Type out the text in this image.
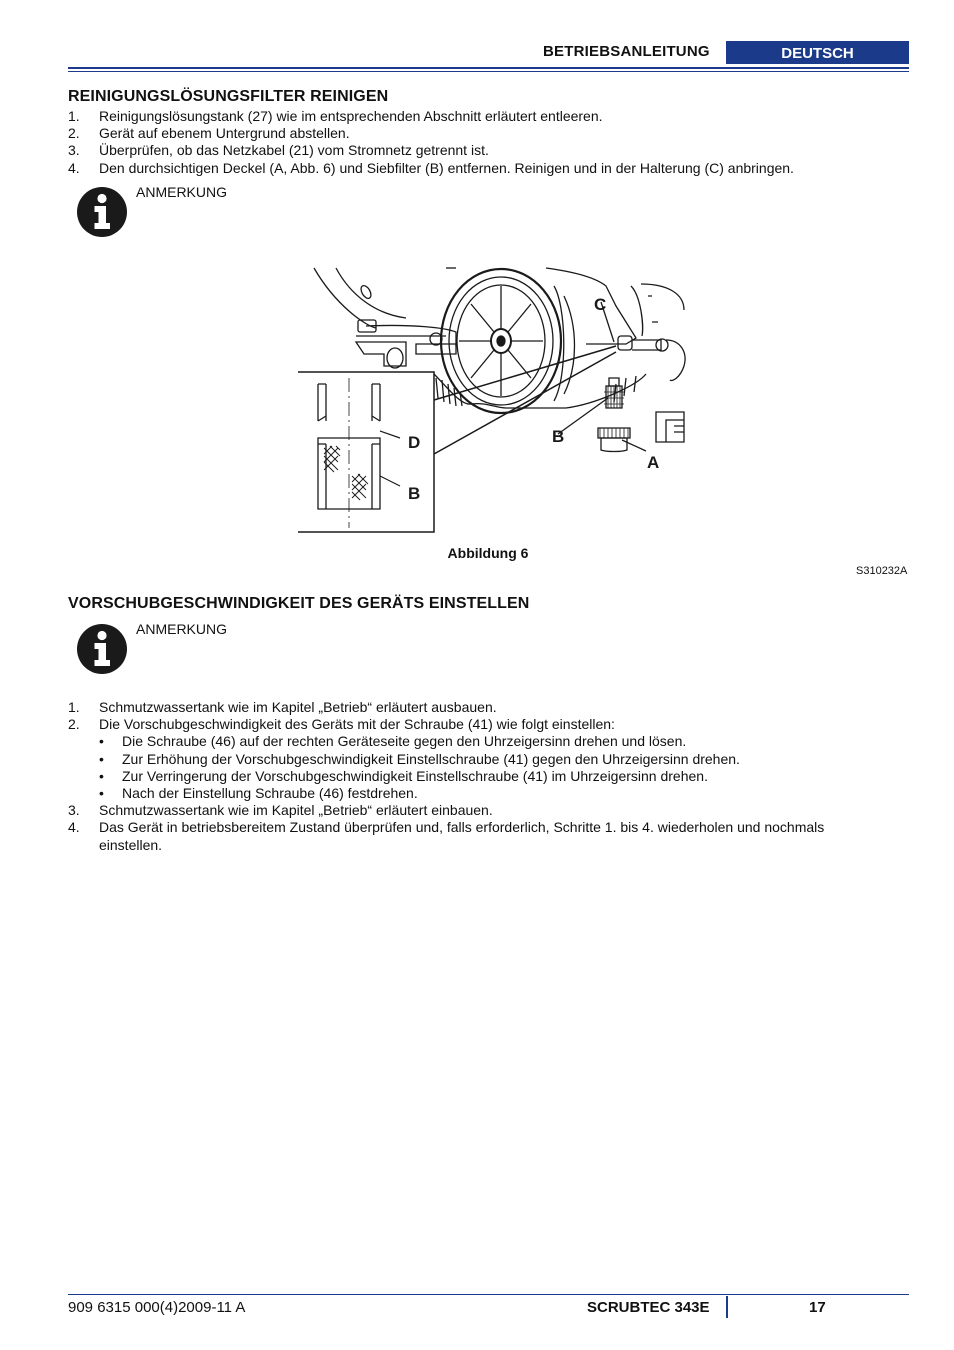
BETRIEBSANLEITUNG	DEUTSCH
REINIGUNGSLÖSUNGSFILTER REINIGEN
1. Reinigungslösungstank (27) wie im entsprechenden Abschnitt erläutert entleeren.
2. Gerät auf ebenem Untergrund abstellen.
3. Überprüfen, ob das Netzkabel (21) vom Stromnetz getrennt ist.
4. Den durchsichtigen Deckel (A, Abb. 6) und Siebfilter (B) entfernen. Reinigen und in der Halterung (C) anbringen.
ANMERKUNG
C
D
B
B
A
Abbildung 6
S310232A
VORSCHUBGESCHWINDIGKEIT DES GERÄTS EINSTELLEN
ANMERKUNG
1. Schmutzwassertank wie im Kapitel „Betrieb“ erläutert ausbauen.
2. Die Vorschubgeschwindigkeit des Geräts mit der Schraube (41) wie folgt einstellen:
• Die Schraube (46) auf der rechten Geräteseite gegen den Uhrzeigersinn drehen und lösen.
• Zur Erhöhung der Vorschubgeschwindigkeit Einstellschraube (41) gegen den Uhrzeigersinn drehen.
• Zur Verringerung der Vorschubgeschwindigkeit Einstellschraube (41) im Uhrzeigersinn drehen.
• Nach der Einstellung Schraube (46) festdrehen.
3. Schmutzwassertank wie im Kapitel „Betrieb“ erläutert einbauen.
4. Das Gerät in betriebsbereitem Zustand überprüfen und, falls erforderlich, Schritte 1. bis 4. wiederholen und nochmals einstellen.
909 6315 000(4)2009-11 A	SCRUBTEC 343E	17
